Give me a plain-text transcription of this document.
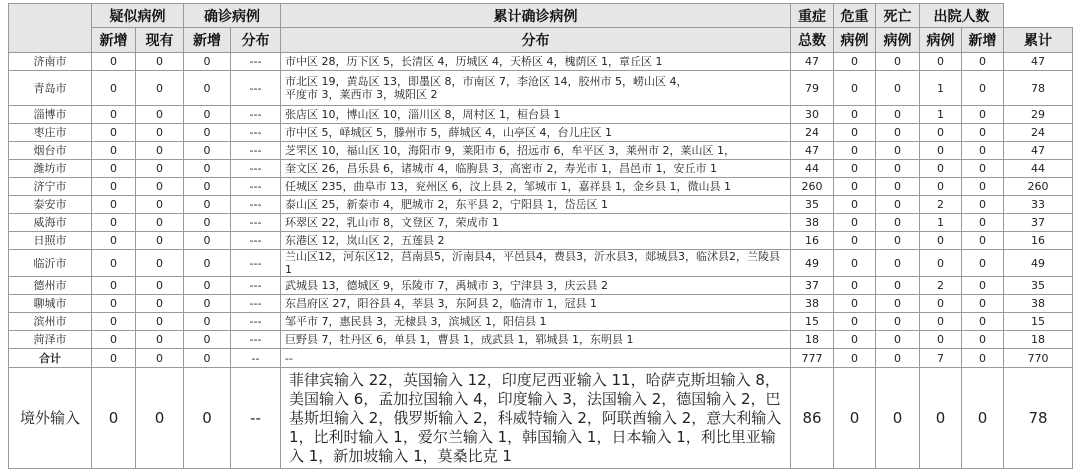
	疑似病例		确诊病例		累计确诊病例	重症	危重	死亡	出院人数		
	新增	现有	新增	分布	分布	总数	病例	病例	病例	新增	累计
济南市	0	0	0	---	市中区 28，历下区 5，长清区 4，历城区 4，天桥区 4，槐荫区 1，章丘区 1	47	0	0	0	0	47
青岛市	0	0	0	---	市北区 19，黄岛区 13，即墨区 8，市南区 7，李沧区 14，胶州市 5，崂山区 4，
平度市 3，莱西市 3，城阳区 2	79	0	0	1	0	78
淄博市	0	0	0	---	张店区 10，博山区 10，淄川区 8，周村区 1，桓台县 1	30	0	0	1	0	29
枣庄市	0	0	0	---	市中区 5，峄城区 5，滕州市 5，薛城区 4，山亭区 4，台儿庄区 1	24	0	0	0	0	24
烟台市	0	0	0	---	芝罘区 10，福山区 10，海阳市 9，莱阳市 6，招远市 6，牟平区 3，莱州市 2，莱山区 1，	47	0	0	0	0	47
潍坊市	0	0	0	---	奎文区 26，昌乐县 6，诸城市 4，临朐县 3，高密市 2，寿光市 1，昌邑市 1，安丘市 1	44	0	0	0	0	44
济宁市	0	0	0	---	任城区 235，曲阜市 13，兖州区 6，汶上县 2，邹城市 1，嘉祥县 1，金乡县 1，微山县 1	260	0	0	0	0	260
泰安市	0	0	0	---	泰山区 25，新泰市 4，肥城市 2，东平县 2，宁阳县 1，岱岳区 1	35	0	0	2	0	33
威海市	0	0	0	---	环翠区 22，乳山市 8，文登区 7，荣成市 1	38	0	0	1	0	37
日照市	0	0	0	---	东港区 12，岚山区 2，五莲县 2	16	0	0	0	0	16
临沂市	0	0	0	---	兰山区12，河东区12，莒南县5，沂南县4，平邑县4，费县3，沂水县3，郯城县3，临沭县2，兰陵县1	49	0	0	0	0	49
德州市	0	0	0	---	武城县 13，德城区 9，乐陵市 7，禹城市 3，宁津县 3，庆云县 2	37	0	0	2	0	35
聊城市	0	0	0	---	东昌府区 27，阳谷县 4，莘县 3，东阿县 2，临清市 1，冠县 1	38	0	0	0	0	38
滨州市	0	0	0	---	邹平市 7，惠民县 3，无棣县 3，滨城区 1，阳信县 1	15	0	0	0	0	15
菏泽市	0	0	0	---	巨野县 7，牡丹区 6，单县 1，曹县 1，成武县 1，郓城县 1，东明县 1	18	0	0	0	0	18
合计	0	0	0	--	--	777	0	0	7	0	770
境外输入	0	0	0	--	菲律宾输入 22，英国输入 12，印度尼西亚输入 11，哈萨克斯坦输入 8，美国输入 6，孟加拉国输入 4，印度输入 3，法国输入 2，德国输入 2，巴基斯坦输入 2，俄罗斯输入 2，科威特输入 2，阿联酋输入 2，意大利输入 1，比利时输入 1，爱尔兰输入 1，韩国输入 1，日本输入 1，利比里亚输入 1，新加坡输入 1，莫桑比克 1	86	0	0	0	0	78
